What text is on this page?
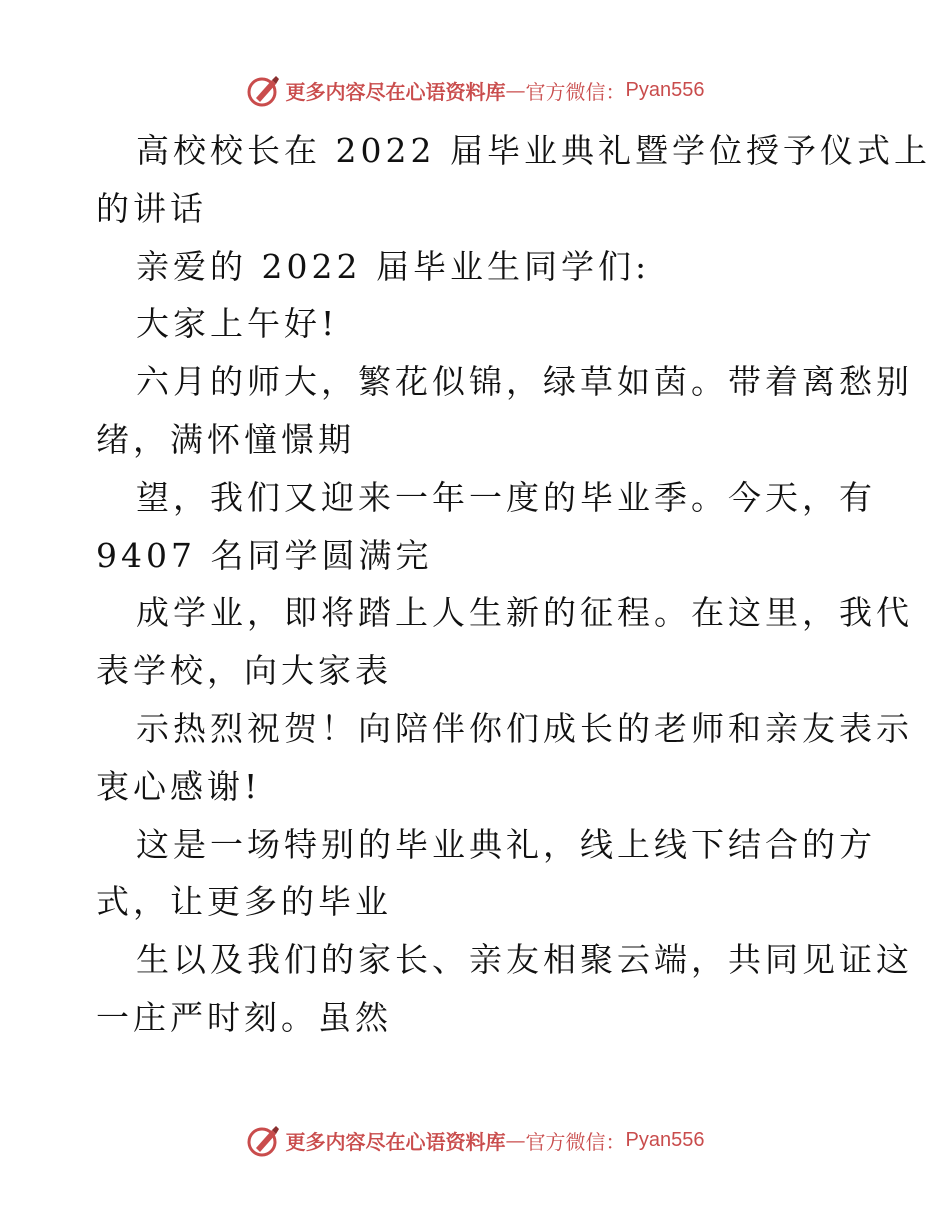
更多内容尽在心语资料库 — 官方微信： Pyan556
高校校长在 2022 届毕业典礼暨学位授予仪式上
的讲话
亲爱的 2022 届毕业生同学们:
大家上午好!
六月的师大，繁花似锦，绿草如茵。带着离愁别
绪，满怀憧憬期
望，我们又迎来一年一度的毕业季。今天，有
9407 名同学圆满完
成学业，即将踏上人生新的征程。在这里，我代
表学校，向大家表
示热烈祝贺！向陪伴你们成长的老师和亲友表示
衷心感谢!
这是一场特别的毕业典礼，线上线下结合的方
式，让更多的毕业
生以及我们的家长、亲友相聚云端，共同见证这
一庄严时刻。虽然
更多内容尽在心语资料库 — 官方微信： Pyan556
